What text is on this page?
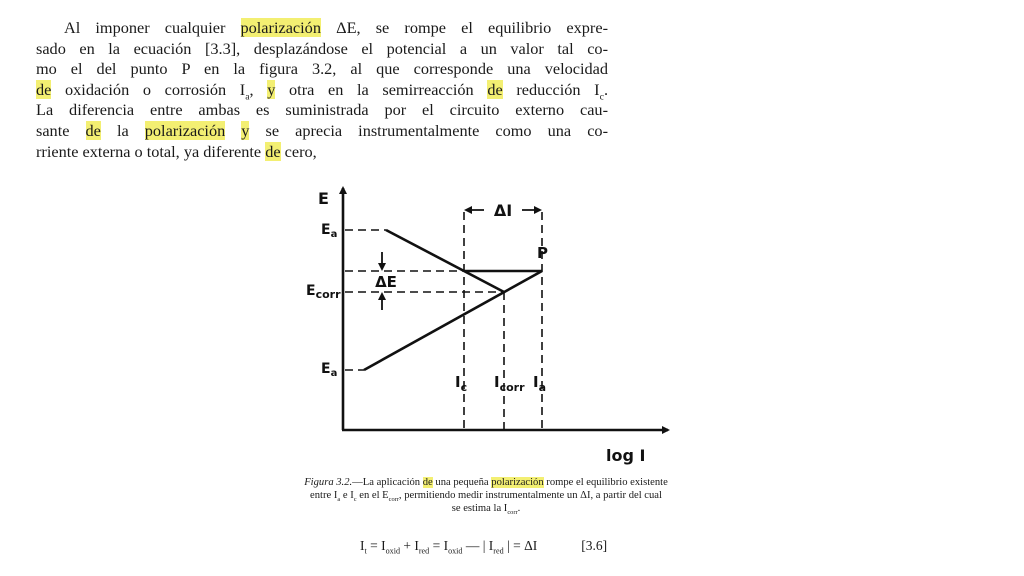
Al imponer cualquier polarización ΔE, se rompe el equilibrio expre-
sado en la ecuación [3.3], desplazándose el potencial a un valor tal co-
mo el del punto P en la figura 3.2, al que corresponde una velocidad
de oxidación o corrosión $I_a$, y otra en la semirreacción de reducción $I_c$.
La diferencia entre ambas es suministrada por el circuito externo cau-
sante de la polarización y se aprecia instrumentalmente como una co-
rriente externa o total, ya diferente de cero,
ΔI
ΔE
E
$E_a$
$E_{corr}$
$E_a$
P
$I_c$ $I_{corr}$ $I_a$
log I
Figura 3.2.—La aplicación de una pequeña polarización rompe el equilibrio existente
entre $I_a$ e $I_c$ en el $E_{corr}$, permitiendo medir instrumentalmente un ΔI, a partir del cual
se estima la $I_{corr}$.
$I_t = I_{oxid} + I_{red} = I_{oxid}$ — | $I_{red}$ | = ΔI	[3.6]
